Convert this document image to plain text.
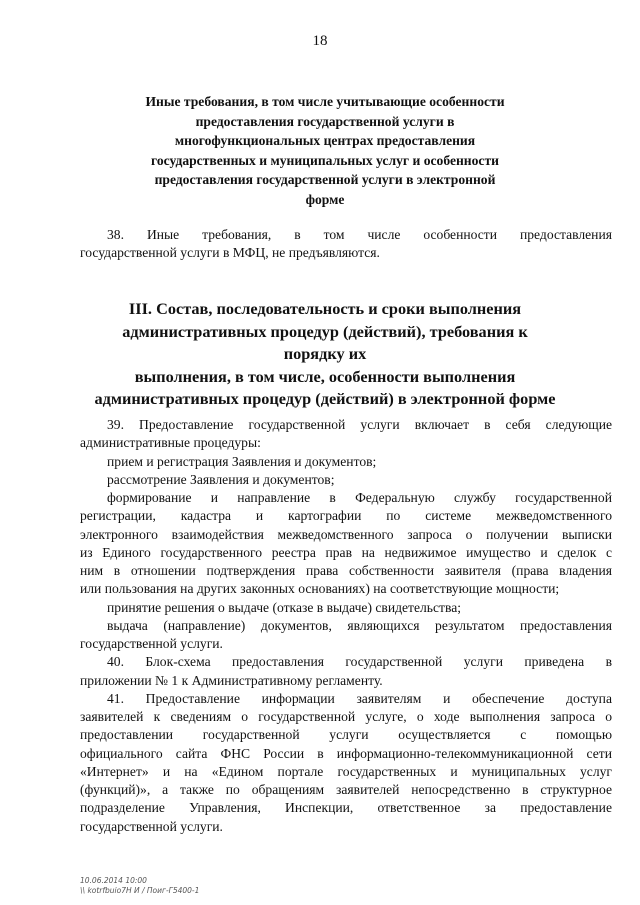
18
Иные требования, в том числе учитывающие особенности
предоставления государственной услуги в
многофункциональных центрах предоставления
государственных и муниципальных услуг и особенности
предоставления государственной услуги в электронной
форме
38. Иные требования, в том числе особенности предоставления
государственной услуги в МФЦ, не предъявляются.
III. Состав, последовательность и сроки выполнения
административных процедур (действий), требования к порядку их
выполнения, в том числе, особенности выполнения
административных процедур (действий) в электронной форме
39. Предоставление государственной услуги включает в себя следующие
административные процедуры:
прием и регистрация Заявления и документов;
рассмотрение Заявления и документов;
формирование и направление в Федеральную службу государственной
регистрации, кадастра и картографии по системе межведомственного
электронного взаимодействия межведомственного запроса о получении выписки
из Единого государственного реестра прав на недвижимое имущество и сделок с
ним в отношении подтверждения права собственности заявителя (права владения
или пользования на других законных основаниях) на соответствующие мощности;
принятие решения о выдаче (отказе в выдаче) свидетельства;
выдача (направление) документов, являющихся результатом предоставления
государственной услуги.
40. Блок-схема предоставления государственной услуги приведена в
приложении № 1 к Административному регламенту.
41. Предоставление информации заявителям и обеспечение доступа
заявителей к сведениям о государственной услуге, о ходе выполнения запроса о
предоставлении государственной услуги осуществляется с помощью
официального сайта ФНС России в информационно-телекоммуникационной сети
«Интернет» и на «Едином портале государственных и муниципальных услуг
(функций)», а также по обращениям заявителей непосредственно в структурное
подразделение Управления, Инспекции, ответственное за предоставление
государственной услуги.
10.06.2014 10:00
\\ kotrfbuio7H И / Пoиг-Г5400-1
